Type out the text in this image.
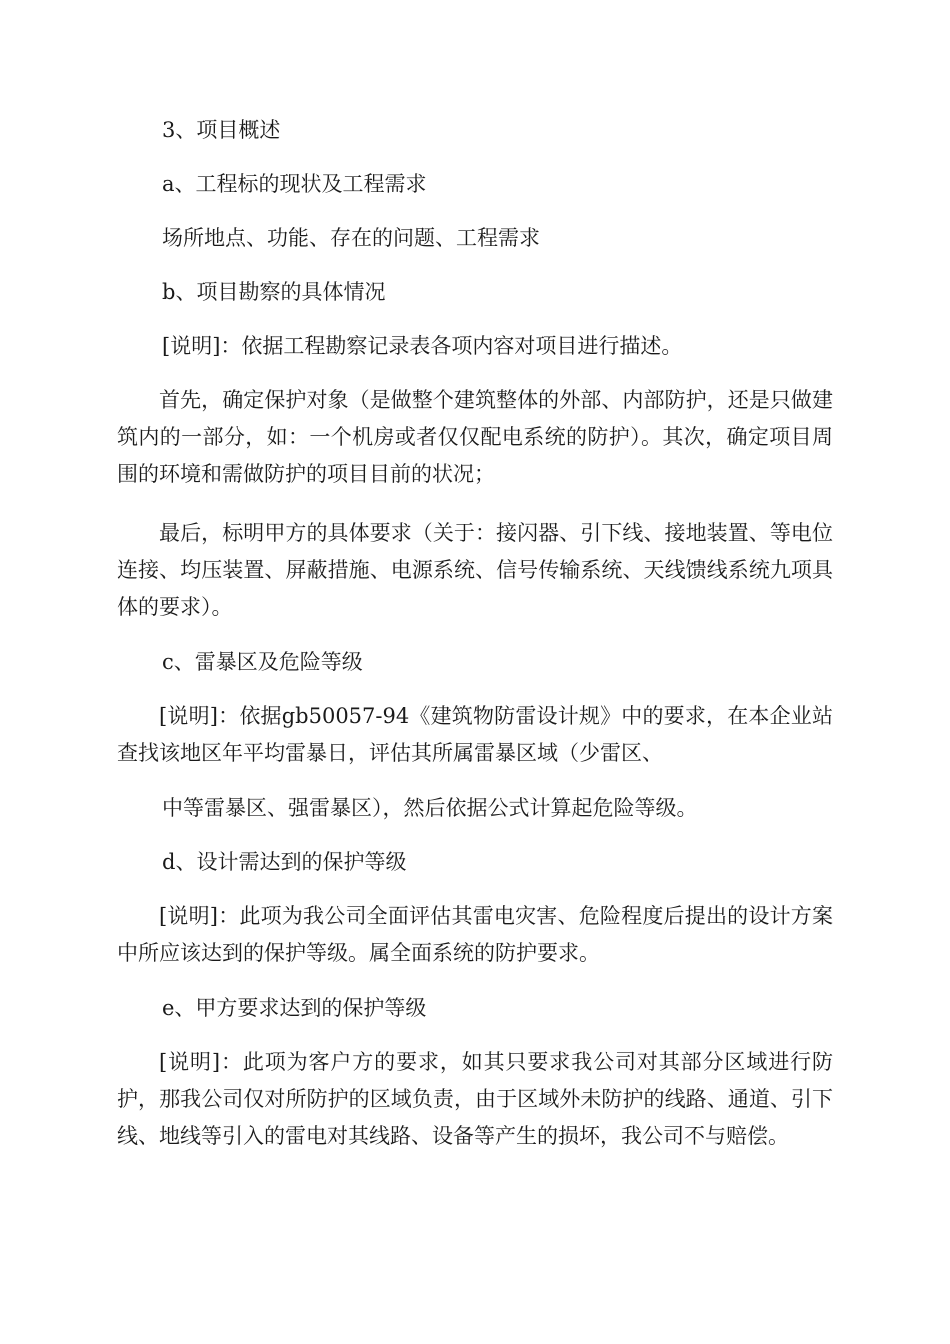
3、项目概述
a、工程标的现状及工程需求
场所地点、功能、存在的问题、工程需求
b、项目勘察的具体情况
[说明]：依据工程勘察记录表各项内容对项目进行描述。
首先，确定保护对象（是做整个建筑整体的外部、内部防护，还是只做建筑内的一部分，如：一个机房或者仅仅配电系统的防护）。其次，确定项目周围的环境和需做防护的项目目前的状况；
最后，标明甲方的具体要求（关于：接闪器、引下线、接地装置、等电位连接、均压装置、屏蔽措施、电源系统、信号传输系统、天线馈线系统九项具体的要求）。
c、雷暴区及危险等级
[说明]：依据gb50057-94《建筑物防雷设计规》中的要求，在本企业站查找该地区年平均雷暴日，评估其所属雷暴区域（少雷区、
中等雷暴区、强雷暴区），然后依据公式计算起危险等级。
d、设计需达到的保护等级
[说明]：此项为我公司全面评估其雷电灾害、危险程度后提出的设计方案中所应该达到的保护等级。属全面系统的防护要求。
e、甲方要求达到的保护等级
[说明]：此项为客户方的要求，如其只要求我公司对其部分区域进行防护，那我公司仅对所防护的区域负责，由于区域外未防护的线路、通道、引下线、地线等引入的雷电对其线路、设备等产生的损坏，我公司不与赔偿。
